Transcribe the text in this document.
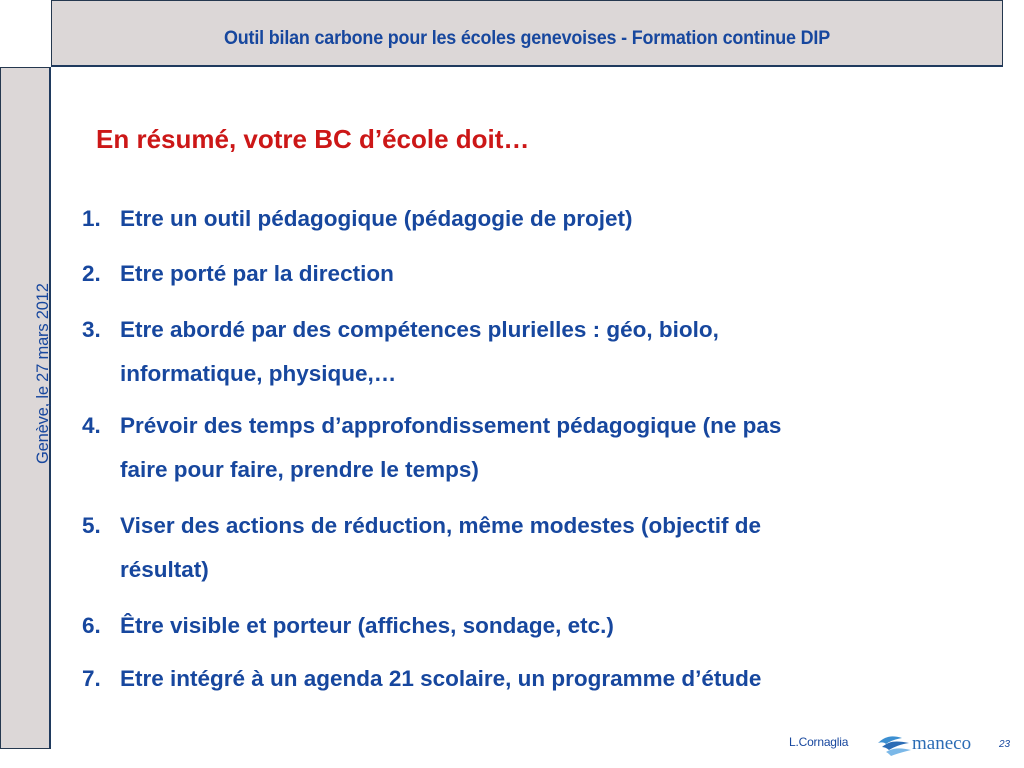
Outil bilan carbone pour les écoles genevoises - Formation continue DIP
Genève, le 27 mars 2012
En résumé, votre BC d’école doit…
1. Etre un outil pédagogique (pédagogie de projet)
2. Etre porté par la direction
3. Etre abordé par des compétences plurielles : géo, biolo,
informatique, physique,…
4. Prévoir des temps d’approfondissement pédagogique (ne pas
faire pour faire, prendre le temps)
5. Viser des actions de réduction, même modestes (objectif de
résultat)
6. Être visible et porteur (affiches, sondage, etc.)
7. Etre intégré à un agenda 21 scolaire, un programme d’étude
L.Cornaglia	maneco	23
